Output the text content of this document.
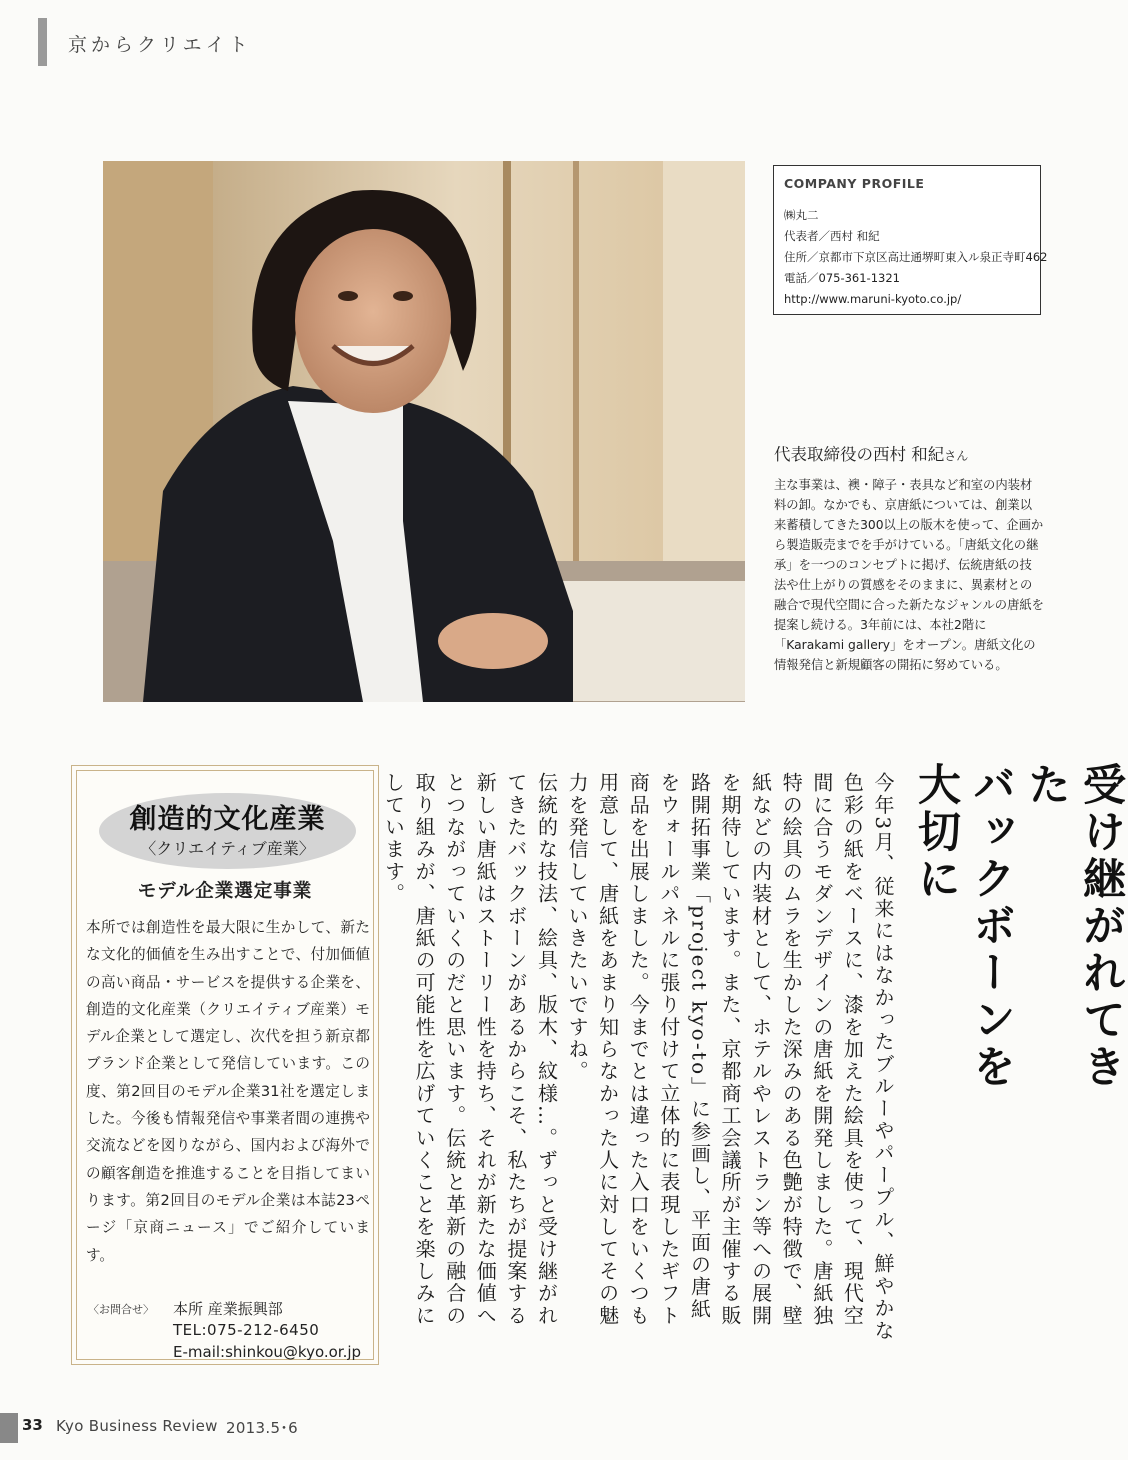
京からクリエイト
COMPANY PROFILE
㈱丸二
代表者／西村 和紀
住所／京都市下京区高辻通堺町東入ル泉正寺町462
電話／075-361-1321
http://www.maruni-kyoto.co.jp/
代表取締役の西村 和紀さん
主な事業は、襖・障子・表具など和室の内装材料の卸。なかでも、京唐紙については、創業以来蓄積してきた300以上の版木を使って、企画から製造販売までを手がけている。「唐紙文化の継承」を一つのコンセプトに掲げ、伝統唐紙の技法や仕上がりの質感をそのままに、異素材との融合で現代空間に合った新たなジャンルの唐紙を提案し続ける。3年前には、本社2階に「Karakami gallery」をオープン。唐紙文化の情報発信と新規顧客の開拓に努めている。
受け継がれてきた
バックボーンを大切に

今年3月、従来にはなかったブルーやパープル、鮮やかな色彩の紙をベースに、漆を加えた絵具を使って、現代空間に合うモダンデザインの唐紙を開発しました。唐紙独特の絵具のムラを生かした深みのある色艶が特徴で、壁紙などの内装材として、ホテルやレストラン等への展開を期待しています。また、京都商工会議所が主催する販路開拓事業「project kyo-to」に参画し、平面の唐紙をウォールパネルに張り付けて立体的に表現したギフト商品を出展しました。今までとは違った入口をいくつも用意して、唐紙をあまり知らなかった人に対してその魅力を発信していきたいですね。

伝統的な技法、絵具、版木、紋様…。ずっと受け継がれてきたバックボーンがあるからこそ、私たちが提案する新しい唐紙はストーリー性を持ち、それが新たな価値へとつながっていくのだと思います。伝統と革新の融合の取り組みが、唐紙の可能性を広げていくことを楽しみにしています。

創造的文化産業
〈クリエイティブ産業〉
モデル企業選定事業
本所では創造性を最大限に生かして、新たな文化的価値を生み出すことで、付加価値の高い商品・サービスを提供する企業を、創造的文化産業（クリエイティブ産業）モデル企業として選定し、次代を担う新京都ブランド企業として発信しています。この度、第2回目のモデル企業31社を選定しました。今後も情報発信や事業者間の連携や交流などを図りながら、国内および海外での顧客創造を推進することを目指してまいります。第2回目のモデル企業は本誌23ページ「京商ニュース」でご紹介しています。
〈お問合せ〉 本所 産業振興部
TEL:075-212-6450
E-mail:shinkou@kyo.or.jp
33 Kyo Business Review 2013.5･6
